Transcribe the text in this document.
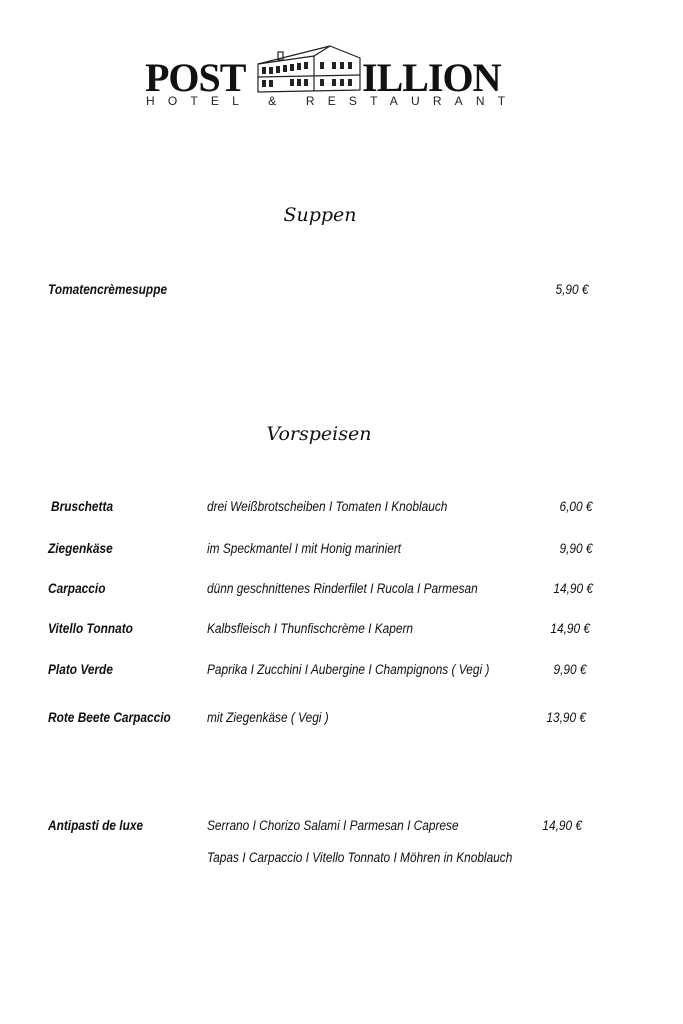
POST	ILLION
HOTEL & RESTAURANT
Suppen
Tomatencrèmesuppe	5,90 €
Vorspeisen
Bruschetta	drei Weißbrotscheiben I Tomaten I Knoblauch	6,00 €
Ziegenkäse	im Speckmantel I mit Honig mariniert	9,90 €
Carpaccio	dünn geschnittenes Rinderfilet I Rucola I Parmesan	14,90 €
Vitello Tonnato	Kalbsfleisch I Thunfischcrème I Kapern	14,90 €
Plato Verde	Paprika I Zucchini I Aubergine I Champignons ( Vegi )	9,90 €
Rote Beete Carpaccio	mit Ziegenkäse ( Vegi )	13,90 €
Antipasti de luxe	Serrano I Chorizo Salami I Parmesan I Caprese	14,90 €
Tapas I Carpaccio I Vitello Tonnato I Möhren in Knoblauch
